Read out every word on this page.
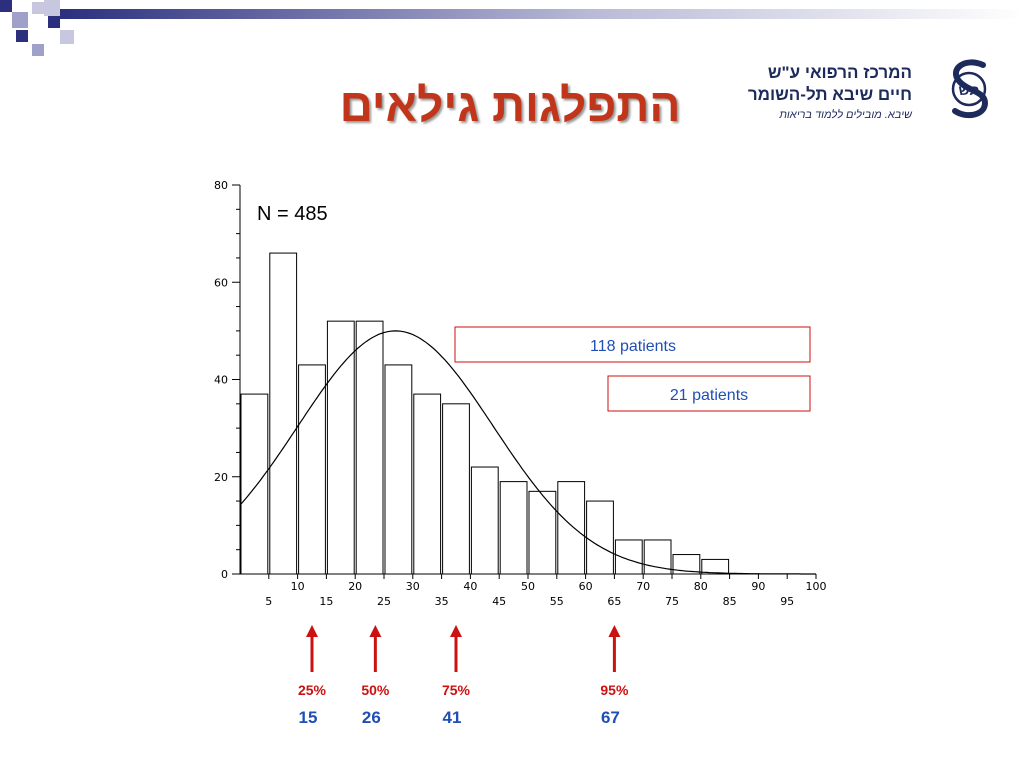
התפלגות גילאים
המרכז הרפואי ע"ש
חיים שיבא תל-השומר
שיבא. מובילים ללמוד בריאות
תש
0
20
40
60
80
10	20	30	40	50	60	70	80	90	100
5	15	25	35	45	55	65	75	85	95
N = 485
118 patients
21 patients
25%
15
50%
26
75%
41
95%
67
